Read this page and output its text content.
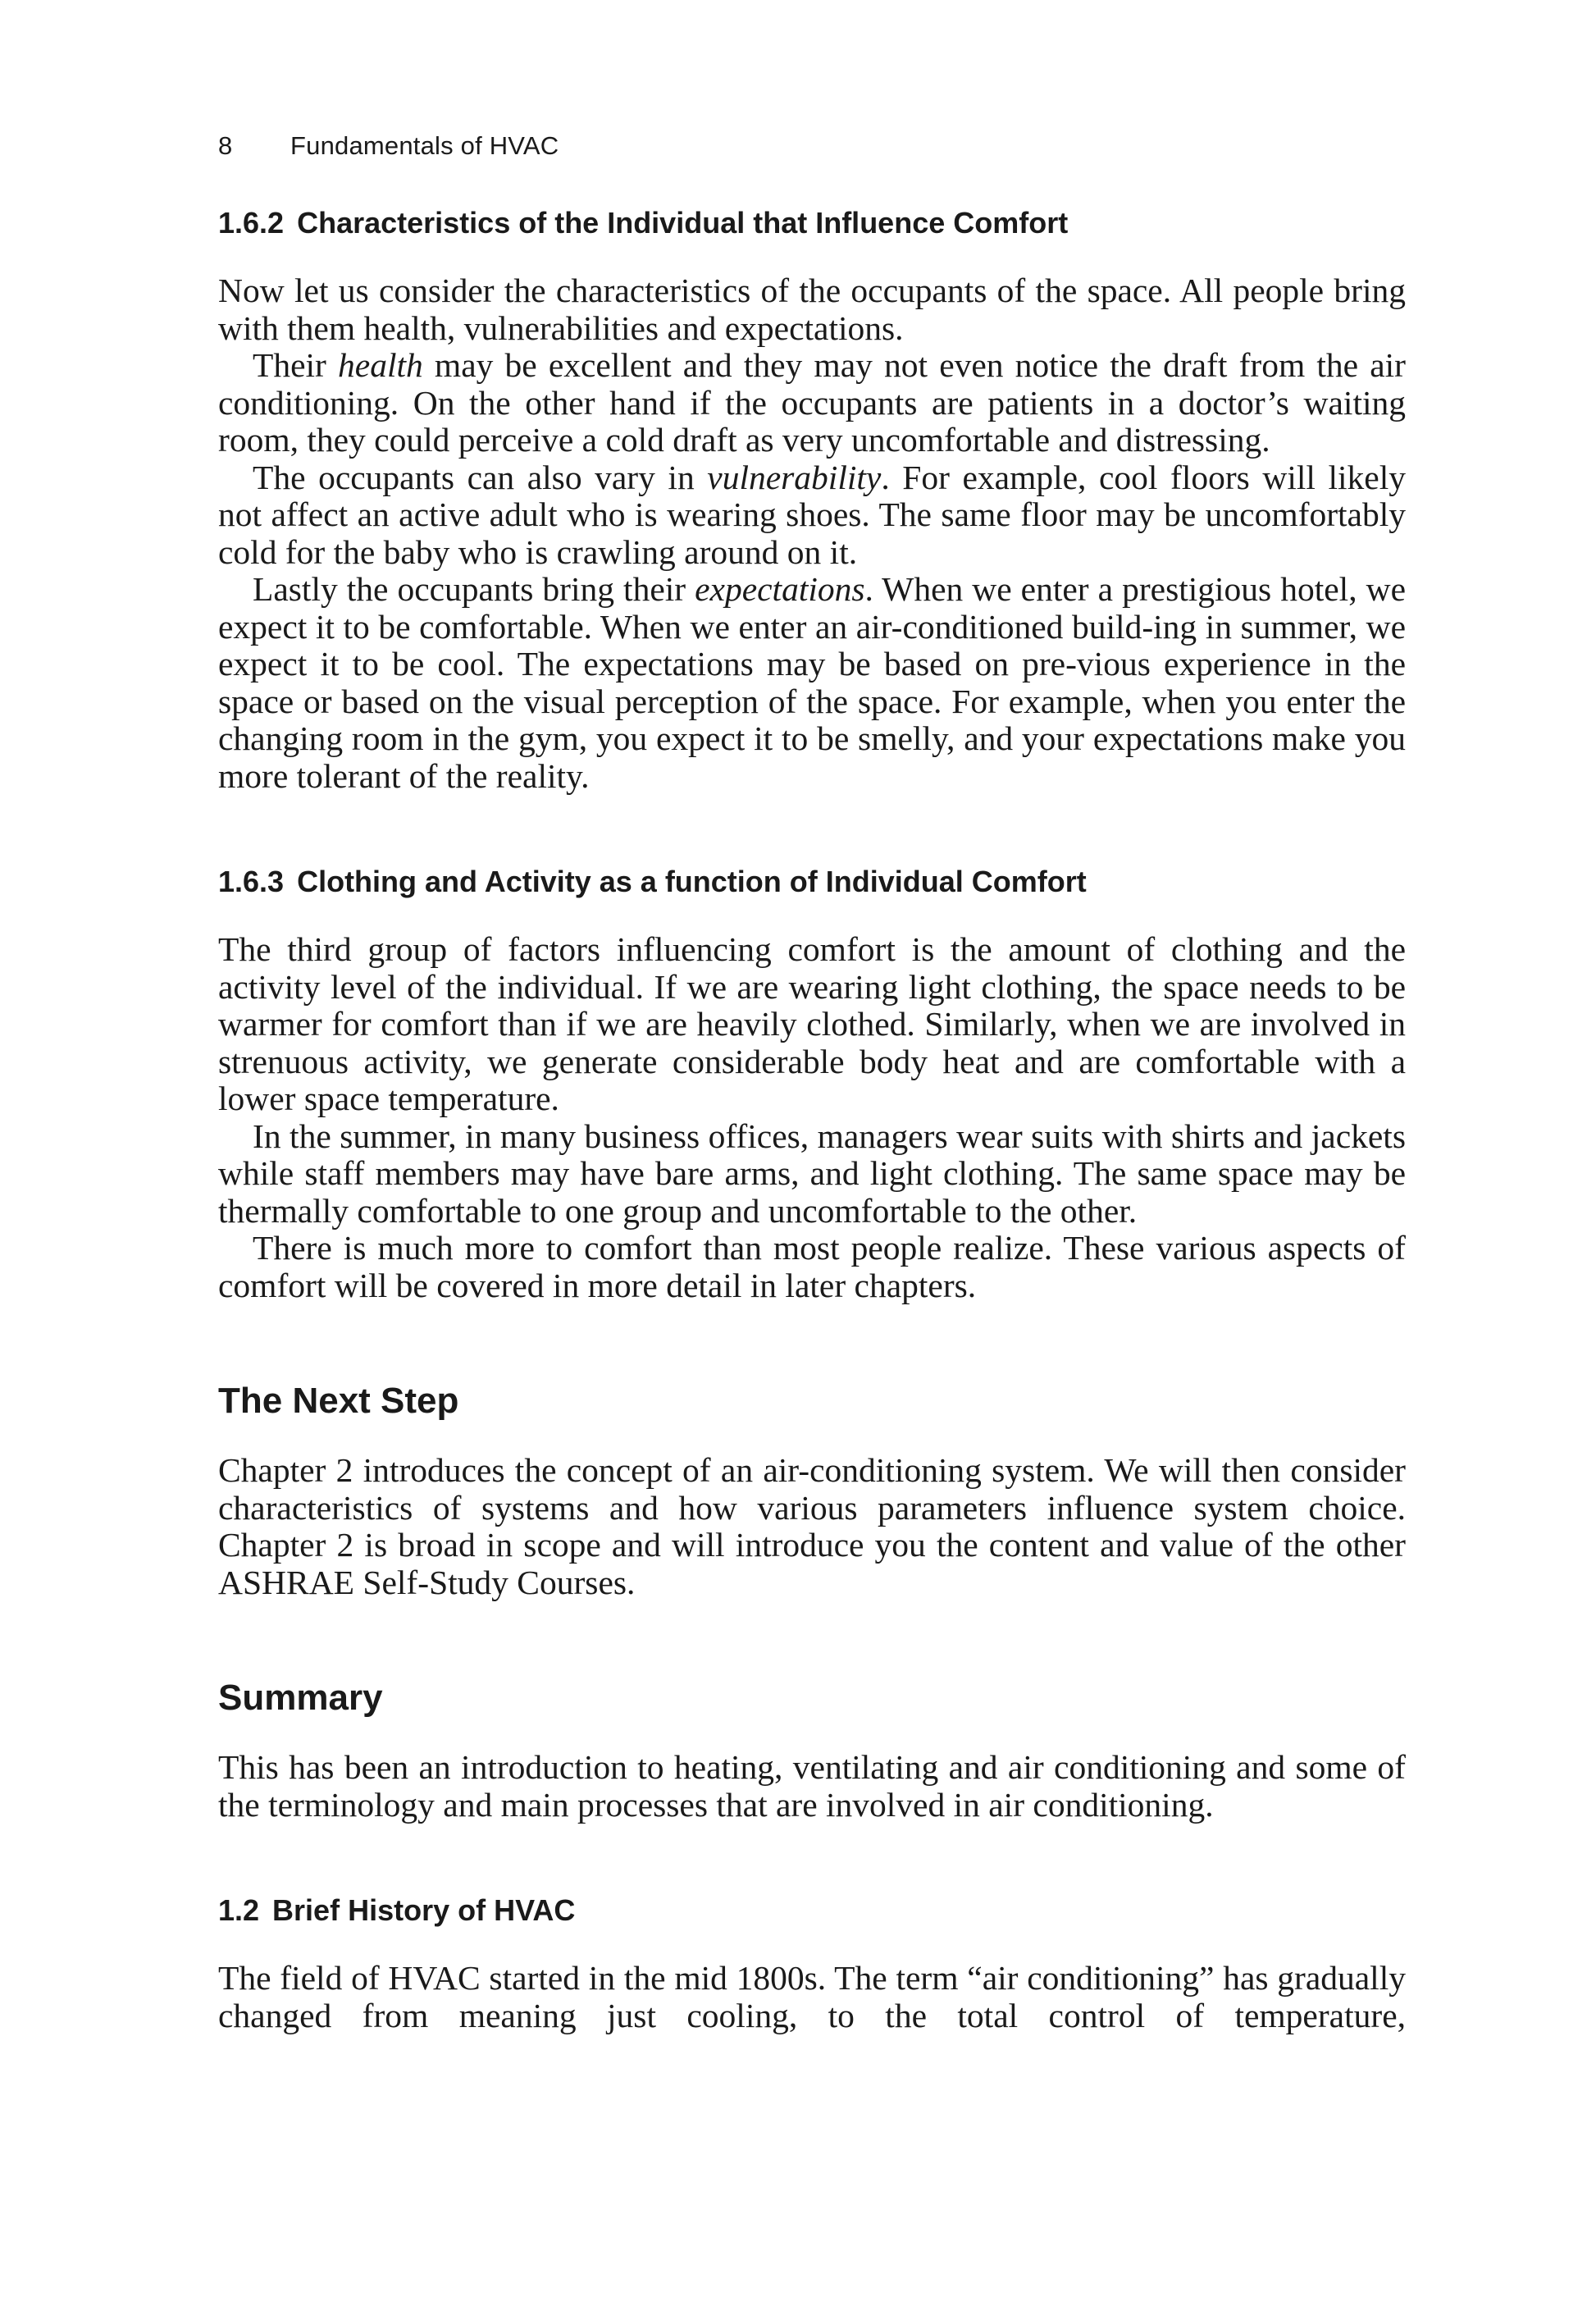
8 Fundamentals of HVAC
1.6.2 Characteristics of the Individual that Influence Comfort

Now let us consider the characteristics of the occupants of the space. All people bring with them health, vulnerabilities and expectations.

Their health may be excellent and they may not even notice the draft from the air conditioning. On the other hand if the occupants are patients in a doctor’s waiting room, they could perceive a cold draft as very uncomfortable and distressing.

The occupants can also vary in vulnerability. For example, cool floors will likely not affect an active adult who is wearing shoes. The same floor may be uncomfortably cold for the baby who is crawling around on it.

Lastly the occupants bring their expectations. When we enter a prestigious hotel, we expect it to be comfortable. When we enter an air-conditioned build-ing in summer, we expect it to be cool. The expectations may be based on pre-vious experience in the space or based on the visual perception of the space. For example, when you enter the changing room in the gym, you expect it to be smelly, and your expectations make you more tolerant of the reality.

1.6.3 Clothing and Activity as a function of Individual Comfort

The third group of factors influencing comfort is the amount of clothing and the activity level of the individual. If we are wearing light clothing, the space needs to be warmer for comfort than if we are heavily clothed. Similarly, when we are involved in strenuous activity, we generate considerable body heat and are comfortable with a lower space temperature.

In the summer, in many business offices, managers wear suits with shirts and jackets while staff members may have bare arms, and light clothing. The same space may be thermally comfortable to one group and uncomfortable to the other.

There is much more to comfort than most people realize. These various aspects of comfort will be covered in more detail in later chapters.

The Next Step

Chapter 2 introduces the concept of an air-conditioning system. We will then consider characteristics of systems and how various parameters influence system choice. Chapter 2 is broad in scope and will introduce you the content and value of the other ASHRAE Self-Study Courses.

Summary

This has been an introduction to heating, ventilating and air conditioning and some of the terminology and main processes that are involved in air conditioning.

1.2 Brief History of HVAC

The field of HVAC started in the mid 1800s. The term “air conditioning” has gradually changed from meaning just cooling, to the total control of temperature,
